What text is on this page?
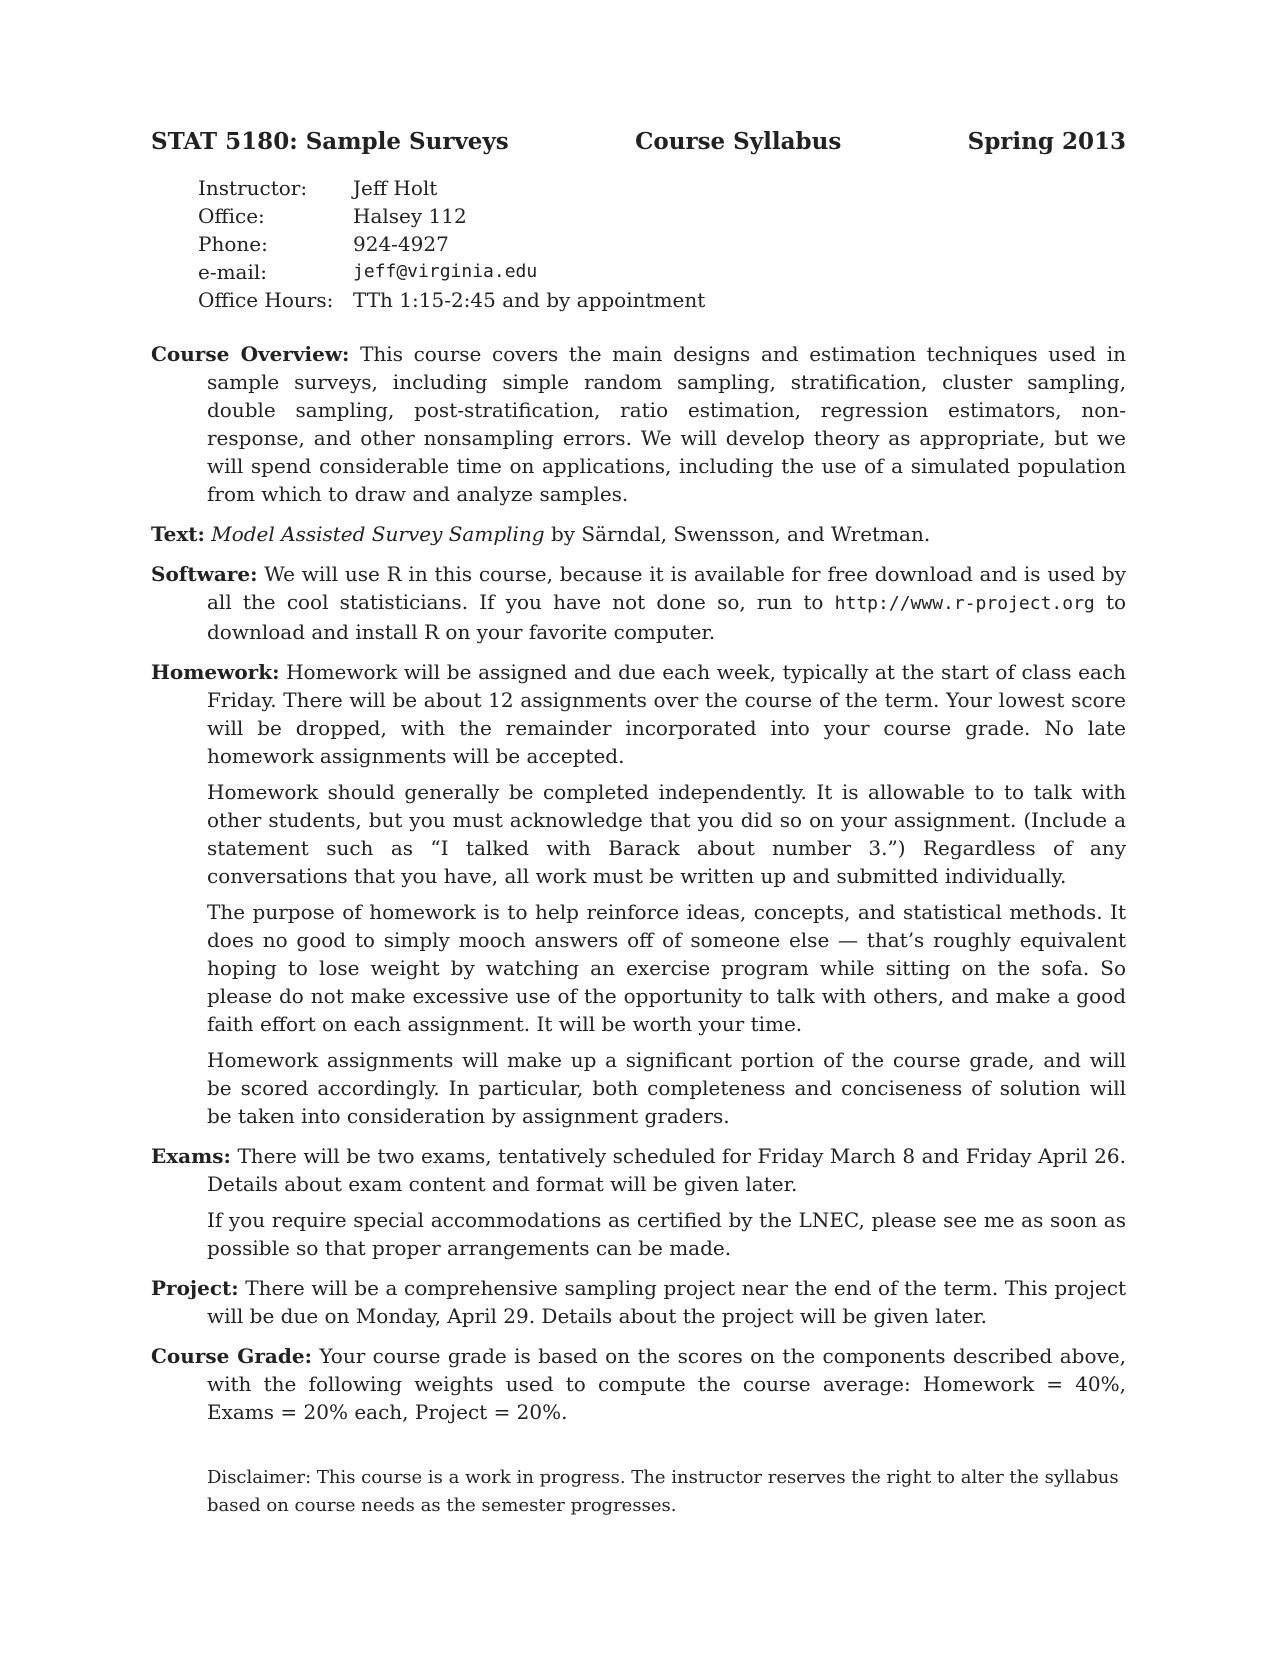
STAT 5180: Sample Surveys	Course Syllabus	Spring 2013
Instructor:	Jeff Holt
Office:	Halsey 112
Phone:	924-4927
e-mail:	jeff@virginia.edu
Office Hours: TTh 1:15-2:45 and by appointment

Course Overview: This course covers the main designs and estimation techniques used in sample surveys, including simple random sampling, stratification, cluster sampling, double sampling, post-stratification, ratio estimation, regression estimators, non-response, and other nonsampling errors. We will develop theory as appropriate, but we will spend considerable time on applications, including the use of a simulated population from which to draw and analyze samples.

Text: Model Assisted Survey Sampling by Särndal, Swensson, and Wretman.

Software: We will use R in this course, because it is available for free download and is used by all the cool statisticians. If you have not done so, run to http://www.r-project.org to download and install R on your favorite computer.

Homework: Homework will be assigned and due each week, typically at the start of class each Friday. There will be about 12 assignments over the course of the term. Your lowest score will be dropped, with the remainder incorporated into your course grade. No late homework assignments will be accepted.

Homework should generally be completed independently. It is allowable to to talk with other students, but you must acknowledge that you did so on your assignment. (Include a statement such as “I talked with Barack about number 3.”) Regardless of any conversations that you have, all work must be written up and submitted individually.

The purpose of homework is to help reinforce ideas, concepts, and statistical methods. It does no good to simply mooch answers off of someone else — that’s roughly equivalent hoping to lose weight by watching an exercise program while sitting on the sofa. So please do not make excessive use of the opportunity to talk with others, and make a good faith effort on each assignment. It will be worth your time.

Homework assignments will make up a significant portion of the course grade, and will be scored accordingly. In particular, both completeness and conciseness of solution will be taken into consideration by assignment graders.

Exams: There will be two exams, tentatively scheduled for Friday March 8 and Friday April 26. Details about exam content and format will be given later.

If you require special accommodations as certified by the LNEC, please see me as soon as possible so that proper arrangements can be made.

Project: There will be a comprehensive sampling project near the end of the term. This project will be due on Monday, April 29. Details about the project will be given later.

Course Grade: Your course grade is based on the scores on the components described above, with the following weights used to compute the course average: Homework = 40%, Exams = 20% each, Project = 20%.

Disclaimer: This course is a work in progress. The instructor reserves the right to alter the syllabus based on course needs as the semester progresses.
